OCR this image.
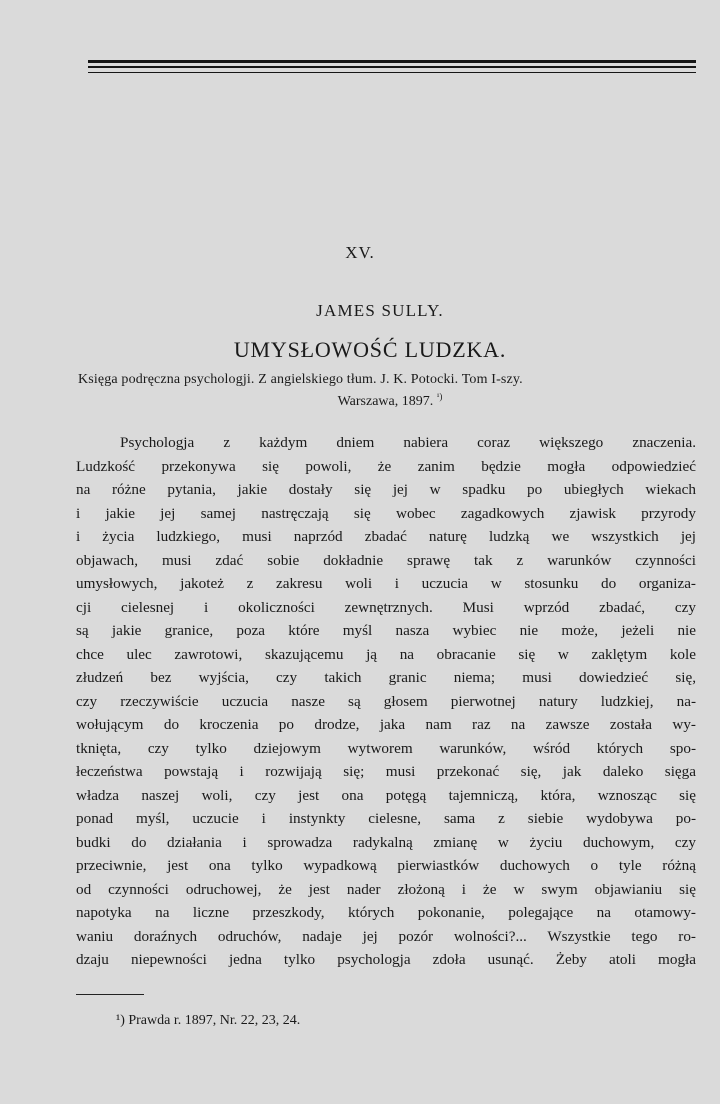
XV.
JAMES SULLY.
UMYSŁOWOŚĆ LUDZKA.
Księga podręczna psychologji. Z angielskiego tłum. J. K. Potocki. Tom I-szy.
Warszawa, 1897. $^{^1)}$
Psychologja z każdym dniem nabiera coraz większego znaczenia.
Ludzkość przekonywa się powoli, że zanim będzie mogła odpowiedzieć
na różne pytania, jakie dostały się jej w spadku po ubiegłych wiekach
i jakie jej samej nastręczają się wobec zagadkowych zjawisk przyrody
i życia ludzkiego, musi naprzód zbadać naturę ludzką we wszystkich jej
objawach, musi zdać sobie dokładnie sprawę tak z warunków czynności
umysłowych, jakoteż z zakresu woli i uczucia w stosunku do organiza-
cji cielesnej i okoliczności zewnętrznych. Musi wprzód zbadać, czy
są jakie granice, poza które myśl nasza wybiec nie może, jeżeli nie
chce ulec zawrotowi, skazującemu ją na obracanie się w zaklętym kole
złudzeń bez wyjścia, czy takich granic niema; musi dowiedzieć się,
czy rzeczywiście uczucia nasze są głosem pierwotnej natury ludzkiej, na-
wołującym do kroczenia po drodze, jaka nam raz na zawsze została wy-
tknięta, czy tylko dziejowym wytworem warunków, wśród których spo-
łeczeństwa powstają i rozwijają się; musi przekonać się, jak daleko sięga
władza naszej woli, czy jest ona potęgą tajemniczą, która, wznosząc się
ponad myśl, uczucie i instynkty cielesne, sama z siebie wydobywa po-
budki do działania i sprowadza radykalną zmianę w życiu duchowym, czy
przeciwnie, jest ona tylko wypadkową pierwiastków duchowych o tyle różną
od czynności odruchowej, że jest nader złożoną i że w swym objawianiu się
napotyka na liczne przeszkody, których pokonanie, polegające na otamowy-
waniu doraźnych odruchów, nadaje jej pozór wolności?... Wszystkie tego ro-
dzaju niepewności jedna tylko psychologja zdoła usunąć. Żeby atoli mogła
¹) Prawda r. 1897, Nr. 22, 23, 24.
